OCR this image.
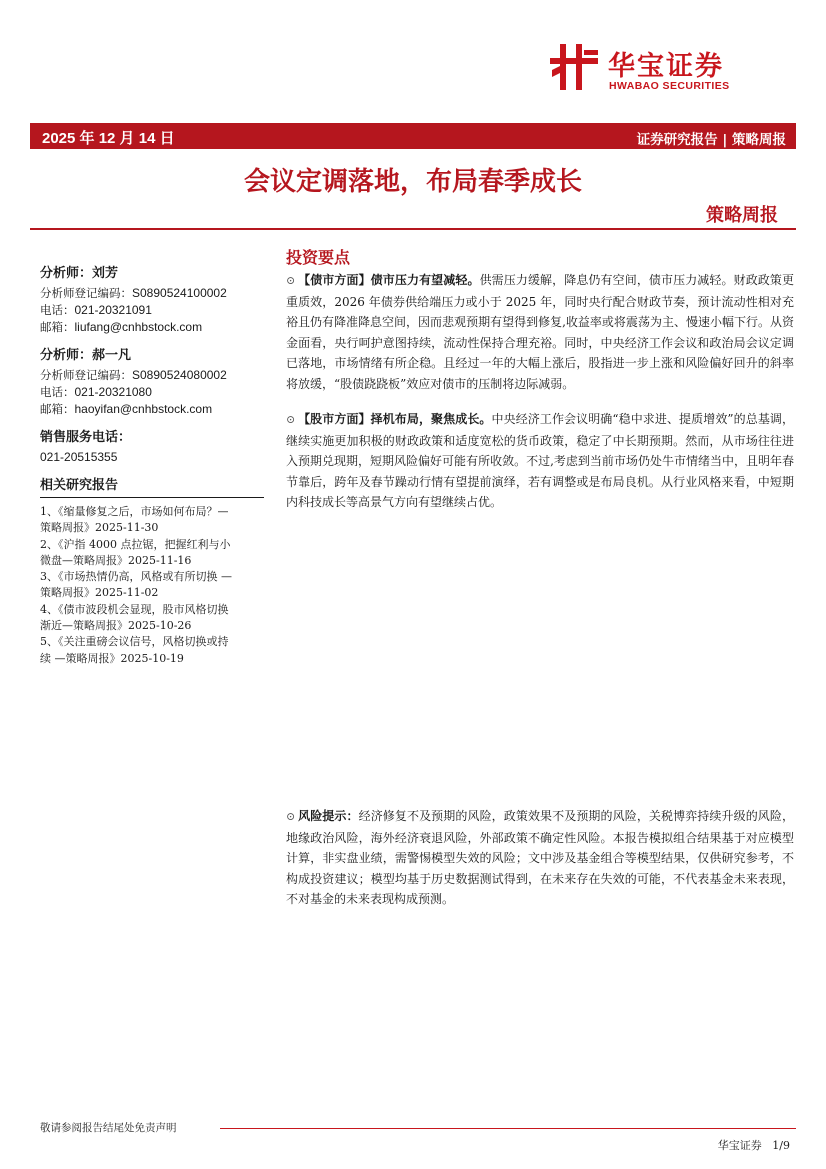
华宝证券
HWABAO SECURITIES
2025 年 12 月 14 日	证券研究报告 | 策略周报
会议定调落地，布局春季成长
策略周报
分析师：刘芳
分析师登记编码：S0890524100002
电话：021-20321091
邮箱：liufang@cnhbstock.com
分析师：郝一凡
分析师登记编码：S0890524080002
电话：021-20321080
邮箱：haoyifan@cnhbstock.com
销售服务电话：
021-20515355
相关研究报告
1、《缩量修复之后，市场如何布局？—
策略周报》2025-11-30
2、《沪指 4000 点拉锯，把握红利与小
微盘—策略周报》2025-11-16
3、《市场热情仍高，风格或有所切换 —
策略周报》2025-11-02
4、《债市波段机会显现，股市风格切换
渐近—策略周报》2025-10-26
5、《关注重磅会议信号，风格切换或持
续 —策略周报》2025-10-19
投资要点
⊙ 【债市方面】债市压力有望减轻。供需压力缓解，降息仍有空间，债市压力减轻。财政政策更重质效，2026 年债券供给端压力或小于 2025 年，同时央行配合财政节奏，预计流动性相对充裕且仍有降准降息空间，因而悲观预期有望得到修复,收益率或将震荡为主、慢速小幅下行。从资金面看，央行呵护意图持续，流动性保持合理充裕。同时，中央经济工作会议和政治局会议定调已落地，市场情绪有所企稳。且经过一年的大幅上涨后，股指进一步上涨和风险偏好回升的斜率将放缓，“股债跷跷板”效应对债市的压制将边际减弱。
⊙ 【股市方面】择机布局，聚焦成长。中央经济工作会议明确“稳中求进、提质增效”的总基调，继续实施更加积极的财政政策和适度宽松的货币政策，稳定了中长期预期。然而，从市场往往进入预期兑现期，短期风险偏好可能有所收敛。不过,考虑到当前市场仍处牛市情绪当中，且明年春节靠后，跨年及春节躁动行情有望提前演绎，若有调整或是布局良机。从行业风格来看，中短期内科技成长等高景气方向有望继续占优。
⊙ 风险提示：经济修复不及预期的风险，政策效果不及预期的风险，关税博弈持续升级的风险，地缘政治风险，海外经济衰退风险，外部政策不确定性风险。本报告模拟组合结果基于对应模型计算，非实盘业绩，需警惕模型失效的风险；文中涉及基金组合等模型结果，仅供研究参考，不构成投资建议；模型均基于历史数据测试得到，在未来存在失效的可能，不代表基金未来表现，不对基金的未来表现构成预测。
敬请参阅报告结尾处免责声明
华宝证券 1/9
